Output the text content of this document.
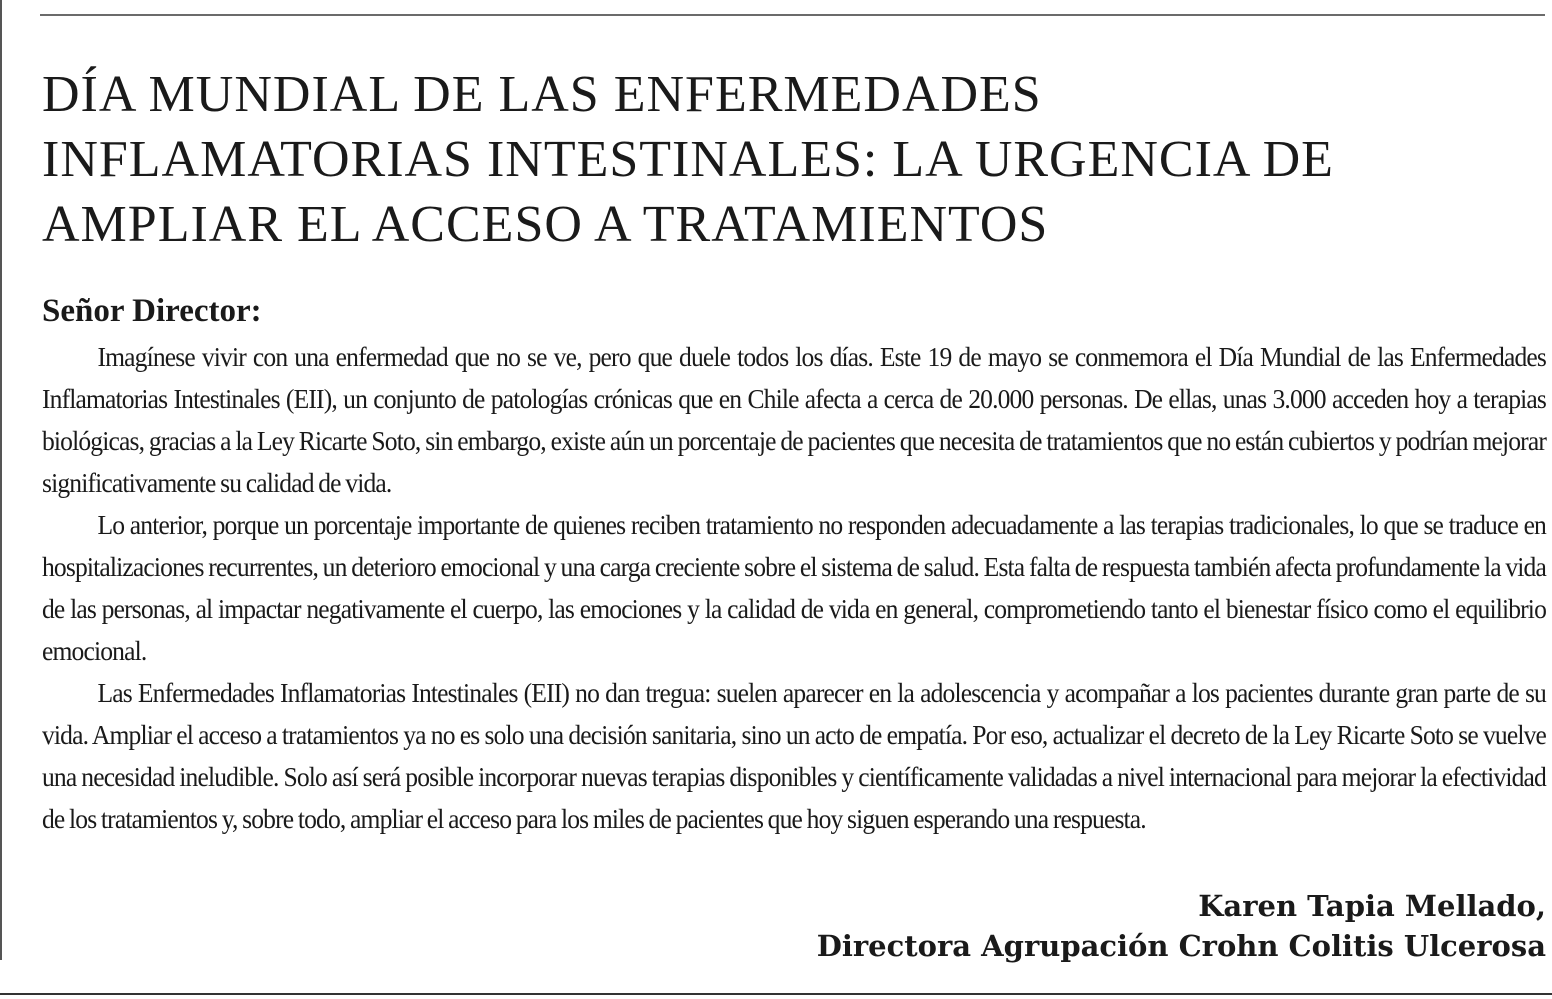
DÍA MUNDIAL DE LAS ENFERMEDADES
INFLAMATORIAS INTESTINALES: LA URGENCIA DE
AMPLIAR EL ACCESO A TRATAMIENTOS
Señor Director:

Imagínese vivir con una enfermedad que no se ve, pero que duele todos los días. Este 19 de mayo se conmemora el Día Mundial de las Enfermedades Inflamatorias Intestinales (EII), un conjunto de patologías crónicas que en Chile afecta a cerca de 20.000 personas. De ellas, unas 3.000 acceden hoy a terapias biológicas, gracias a la Ley Ricarte Soto, sin embargo, existe aún un porcentaje de pacientes que necesita de tratamientos que no están cubiertos y podrían mejorar significativamente su calidad de vida.

Lo anterior, porque un porcentaje importante de quienes reciben tratamiento no responden adecuadamente a las terapias tradicionales, lo que se traduce en hospitalizaciones recurrentes, un deterioro emocional y una carga creciente sobre el sistema de salud. Esta falta de respuesta también afecta profundamente la vida de las personas, al impactar negativamente el cuerpo, las emociones y la calidad de vida en general, comprometiendo tanto el bienestar físico como el equilibrio emocional.

Las Enfermedades Inflamatorias Intestinales (EII) no dan tregua: suelen aparecer en la adolescencia y acompañar a los pacientes durante gran parte de su vida. Ampliar el acceso a tratamientos ya no es solo una decisión sanitaria, sino un acto de empatía. Por eso, actualizar el decreto de la Ley Ricarte Soto se vuelve una necesidad ineludible. Solo así será posible incorporar nuevas terapias disponibles y científicamente validadas a nivel internacional para mejorar la efectividad de los tratamientos y, sobre todo, ampliar el acceso para los miles de pacientes que hoy siguen esperando una respuesta.

Karen Tapia Mellado,
Directora Agrupación Crohn Colitis Ulcerosa
